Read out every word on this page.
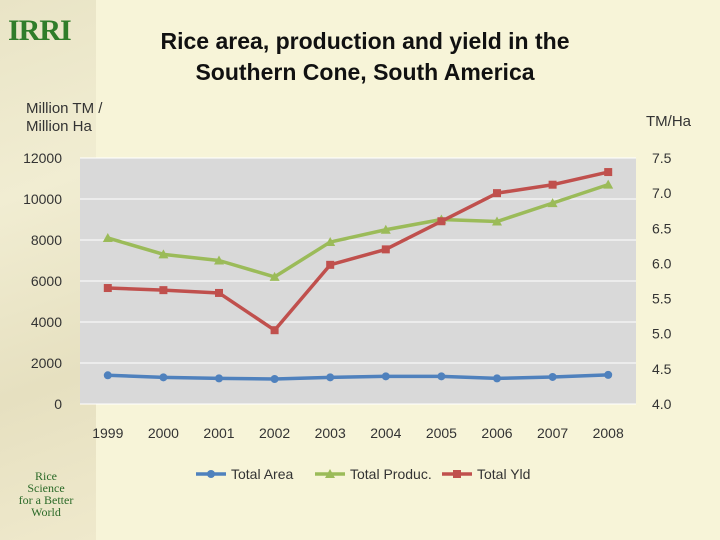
IRRI
Rice
Science
for a Better
World
Rice area, production and yield in the
Southern Cone, South America
Million TM /
Million Ha	TM/Ha
0
2000
4000
6000
8000
10000
12000
4.0
4.5
5.0
5.5
6.0
6.5
7.0
7.5
1999 2000 2001 2002 2003 2004 2005 2006 2007 2008
Total Area	Total Produc.	Total Yld
